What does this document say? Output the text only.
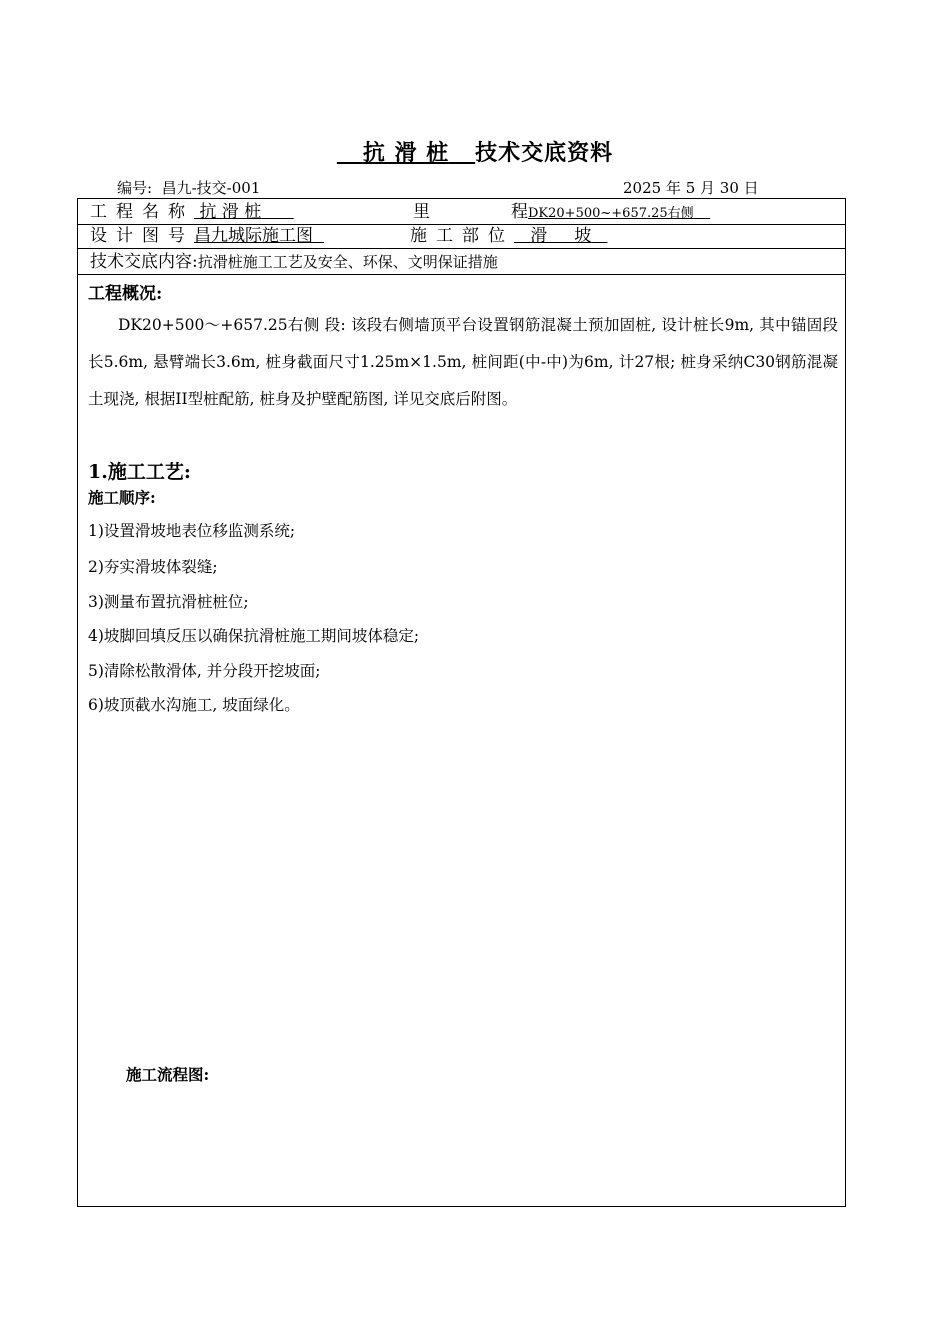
抗 滑 桩 技术交底资料
编号: 昌九-技交-001	2025 年 5 月 30 日
工程名称 抗 滑 桩	里	程DK20+500~+657.25右侧
设计图号昌九城际施工图	施工部位 滑     坡
技术交底内容:抗滑桩施工工艺及安全、环保、文明保证措施
工程概况:
DK20+500～+657.25右侧 段: 该段右侧墙顶平台设置钢筋混凝土预加固桩, 设计桩长9m, 其中锚固段长5.6m, 悬臂端长3.6m, 桩身截面尺寸1.25m×1.5m, 桩间距(中-中)为6m, 计27根; 桩身采纳C30钢筋混凝土现浇, 根据II型桩配筋, 桩身及护壁配筋图, 详见交底后附图。
1.施工工艺:
施工顺序:
1)设置滑坡地表位移监测系统;
2)夯实滑坡体裂缝;
3)测量布置抗滑桩桩位;
4)坡脚回填反压以确保抗滑桩施工期间坡体稳定;
5)清除松散滑体, 并分段开挖坡面;
6)坡顶截水沟施工, 坡面绿化。
施工流程图:
